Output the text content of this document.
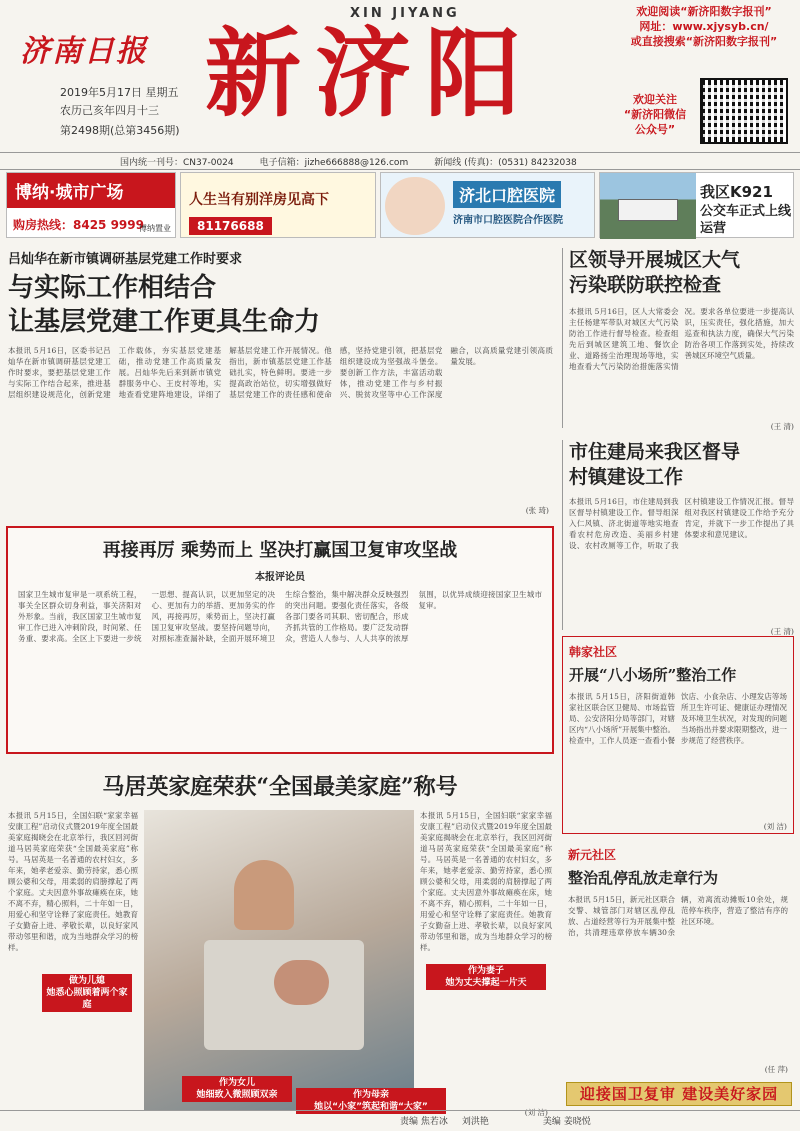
济南日报
XIN JIYANG
新济阳
2019年5月17日 星期五
农历己亥年四月十三
第2498期(总第3456期)
欢迎阅读“新济阳数字报刊”
网址：www.xjysyb.cn/
或直接搜索“新济阳数字报刊”
欢迎关注
“新济阳微信
公众号”
国内统一刊号：CN37-0024	电子信箱：jizhe666888@126.com	新闻线 (传真)：(0531) 84232038
博纳·城市广场
购房热线：8425 9999
博纳置业
人生当有别洋房见高下
81176688
济北口腔医院
济南市口腔医院合作医院
我区K921
公交车正式上线运营
吕灿华在新市镇调研基层党建工作时要求
与实际工作相结合
让基层党建工作更具生命力
本报讯 5月16日，区委书记吕灿华在新市镇调研基层党建工作时要求，要把基层党建工作与实际工作结合起来，推进基层组织建设规范化，创新党建工作载体，夯实基层党建基础，推动党建工作高质量发展。吕灿华先后来到新市镇党群服务中心、王皮村等地，实地查看党建阵地建设，详细了解基层党建工作开展情况。他指出，新市镇基层党建工作基础扎实，特色鲜明。要进一步提高政治站位，切实增强做好基层党建工作的责任感和使命感，坚持党建引领，把基层党组织建设成为坚强战斗堡垒。要创新工作方法，丰富活动载体，推动党建工作与乡村振兴、脱贫攻坚等中心工作深度融合，以高质量党建引领高质量发展。
(张 琦)
区领导开展城区大气
污染联防联控检查
本报讯 5月16日，区人大常委会主任杨建军带队对城区大气污染防治工作进行督导检查。检查组先后到城区建筑工地、餐饮企业、道路扬尘治理现场等地，实地查看大气污染防治措施落实情况。要求各单位要进一步提高认识，压实责任，强化措施，加大巡查和执法力度，确保大气污染防治各项工作落到实处，持续改善城区环境空气质量。
(王 清)
市住建局来我区督导
村镇建设工作
本报讯 5月16日，市住建局到我区督导村镇建设工作。督导组深入仁风镇、济北街道等地实地查看农村危房改造、美丽乡村建设、农村改厕等工作，听取了我区村镇建设工作情况汇报。督导组对我区村镇建设工作给予充分肯定，并就下一步工作提出了具体要求和意见建议。
(王 清)
再接再厉 乘势而上 坚决打赢国卫复审攻坚战
本报评论员
国家卫生城市复审是一项系统工程，事关全区群众切身利益，事关济阳对外形象。当前，我区国家卫生城市复审工作已进入冲刺阶段，时间紧、任务重、要求高。全区上下要进一步统一思想、提高认识，以更加坚定的决心、更加有力的举措、更加务实的作风，再接再厉，乘势而上，坚决打赢国卫复审攻坚战。要坚持问题导向，对照标准查漏补缺，全面开展环境卫生综合整治，集中解决群众反映强烈的突出问题。要强化责任落实，各级各部门要各司其职、密切配合，形成齐抓共管的工作格局。要广泛发动群众，营造人人参与、人人共享的浓厚氛围，以优异成绩迎接国家卫生城市复审。
马居英家庭荣获“全国最美家庭”称号
本报讯 5月15日，全国妇联“家家幸福安康工程”启动仪式暨2019年度全国最美家庭揭晓会在北京举行，我区回河街道马居英家庭荣获“全国最美家庭”称号。马居英是一名普通的农村妇女，多年来，她孝老爱亲、勤劳持家，悉心照顾公婆和父母，用柔弱的肩膀撑起了两个家庭。丈夫因意外事故瘫痪在床，她不离不弃，精心照料，二十年如一日，用爱心和坚守诠释了家庭责任。她教育子女勤奋上进、孝敬长辈，以良好家风带动邻里和谐，成为当地群众学习的榜样。
做为儿媳
她悉心照顾着两个家庭
作为妻子
她为丈夫撑起一片天
作为女儿
她细致入微照顾双亲	作为母亲
她以“小家”筑起和谐“大家”
本报讯 5月15日，全国妇联“家家幸福安康工程”启动仪式暨2019年度全国最美家庭揭晓会在北京举行，我区回河街道马居英家庭荣获“全国最美家庭”称号。马居英是一名普通的农村妇女，多年来，她孝老爱亲、勤劳持家，悉心照顾公婆和父母，用柔弱的肩膀撑起了两个家庭。丈夫因意外事故瘫痪在床，她不离不弃，精心照料，二十年如一日，用爱心和坚守诠释了家庭责任。她教育子女勤奋上进、孝敬长辈，以良好家风带动邻里和谐，成为当地群众学习的榜样。
(刘 洁)
韩家社区
开展“八小场所”整治工作
本报讯 5月15日，济阳街道韩家社区联合区卫健局、市场监管局、公安济阳分局等部门，对辖区内“八小场所”开展集中整治。检查中，工作人员逐一查看小餐饮店、小食杂店、小理发店等场所卫生许可证、健康证办理情况及环境卫生状况，对发现的问题当场指出并要求限期整改，进一步规范了经营秩序。
(刘 洁)
新元社区
整治乱停乱放走章行为
本报讯 5月15日，新元社区联合交警、城管部门对辖区乱停乱放、占道经营等行为开展集中整治，共清理违章停放车辆30余辆，劝离流动摊贩10余处，规范停车秩序，营造了整洁有序的社区环境。
(任 萍)
迎接国卫复审 建设美好家园
责编 焦若冰 刘洪艳	美编 姜晓悦
